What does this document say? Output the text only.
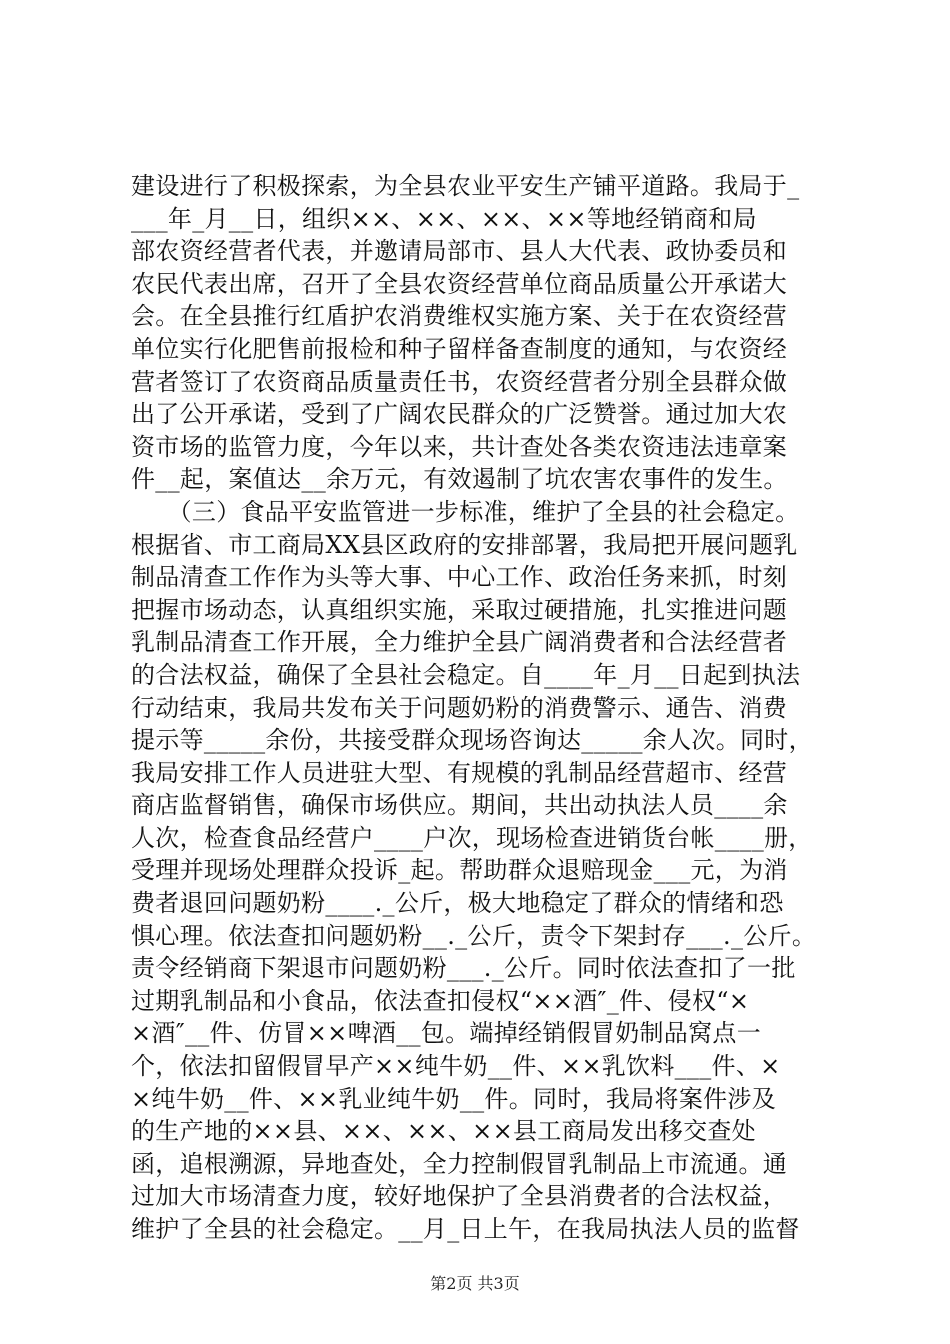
建设进行了积极探索，为全县农业平安生产铺平道路。我局于_
___年_月__日，组织××、××、××、××等地经销商和局
部农资经营者代表，并邀请局部市、县人大代表、政协委员和
农民代表出席，召开了全县农资经营单位商品质量公开承诺大
会。在全县推行红盾护农消费维权实施方案、关于在农资经营
单位实行化肥售前报检和种子留样备查制度的通知，与农资经
营者签订了农资商品质量责任书，农资经营者分别全县群众做
出了公开承诺，受到了广阔农民群众的广泛赞誉。通过加大农
资市场的监管力度，今年以来，共计查处各类农资违法违章案
件__起，案值达__余万元，有效遏制了坑农害农事件的发生。
　　（三）食品平安监管进一步标准，维护了全县的社会稳定。
根据省、市工商局XX县区政府的安排部署，我局把开展问题乳
制品清查工作作为头等大事、中心工作、政治任务来抓，时刻
把握市场动态，认真组织实施，采取过硬措施，扎实推进问题
乳制品清查工作开展，全力维护全县广阔消费者和合法经营者
的合法权益，确保了全县社会稳定。自____年_月__日起到执法
行动结束，我局共发布关于问题奶粉的消费警示、通告、消费
提示等_____余份，共接受群众现场咨询达_____余人次。同时，
我局安排工作人员进驻大型、有规模的乳制品经营超市、经营
商店监督销售，确保市场供应。期间，共出动执法人员____余
人次，检查食品经营户____户次，现场检查进销货台帐____册，
受理并现场处理群众投诉_起。帮助群众退赔现金___元，为消
费者退回问题奶粉____._公斤，极大地稳定了群众的情绪和恐
惧心理。依法查扣问题奶粉__._公斤，责令下架封存___._公斤。
责令经销商下架退市问题奶粉___._公斤。同时依法查扣了一批
过期乳制品和小食品，依法查扣侵权“××酒″_件、侵权“×
×酒″__件、仿冒××啤酒__包。端掉经销假冒奶制品窝点一
个，依法扣留假冒早产××纯牛奶__件、××乳饮料___件、×
×纯牛奶__件、××乳业纯牛奶__件。同时，我局将案件涉及
的生产地的××县、××、××、××县工商局发出移交查处
函，追根溯源，异地查处，全力控制假冒乳制品上市流通。通
过加大市场清查力度，较好地保护了全县消费者的合法权益，
维护了全县的社会稳定。__月_日上午，在我局执法人员的监督
第2页 共3页
